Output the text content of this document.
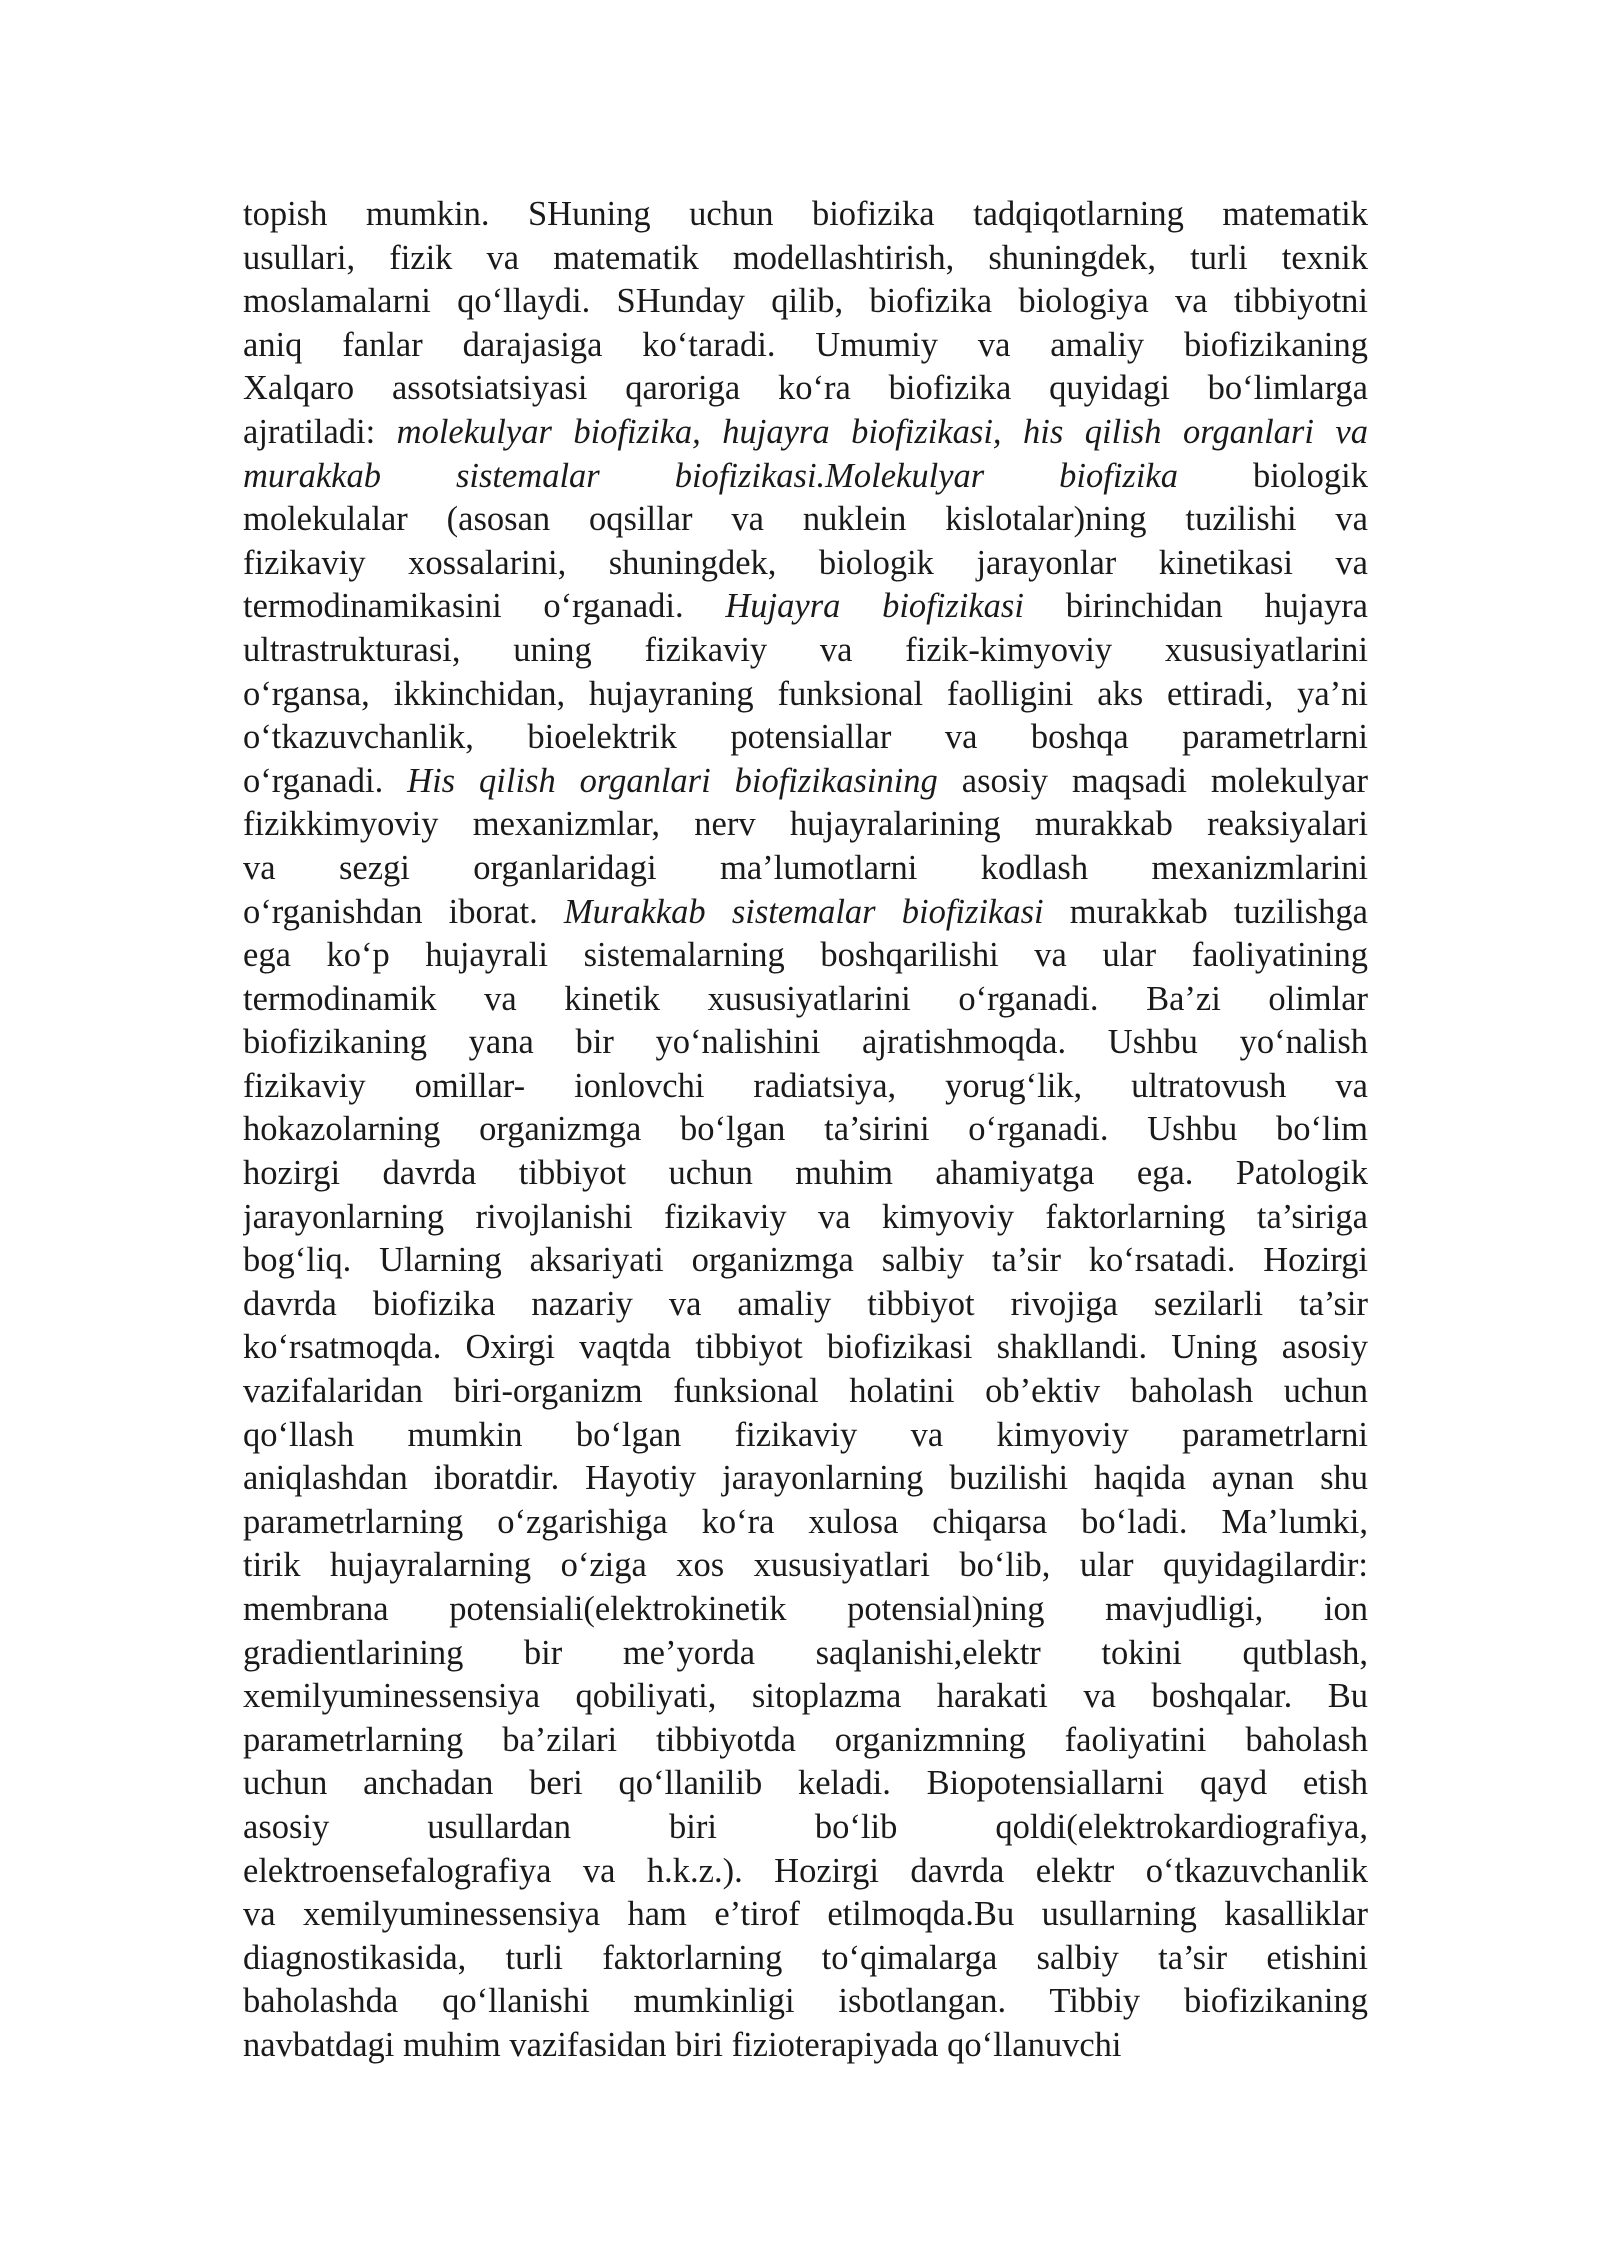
topish mumkin. SHuning uchun biofizika tadqiqotlarning matematik
usullari, fizik va matematik modellashtirish, shuningdek, turli texnik
moslamalarni qo‘llaydi. SHunday qilib, biofizika biologiya va tibbiyotni
aniq fanlar darajasiga ko‘taradi. Umumiy va amaliy biofizikaning
Xalqaro assotsiatsiyasi qaroriga ko‘ra biofizika quyidagi bo‘limlarga
ajratiladi: molekulyar biofizika, hujayra biofizikasi, his qilish organlari va
murakkab sistemalar biofizikasi.Molekulyar biofizika biologik
molekulalar (asosan oqsillar va nuklein kislotalar)ning tuzilishi va
fizikaviy xossalarini, shuningdek, biologik jarayonlar kinetikasi va
termodinamikasini o‘rganadi. Hujayra biofizikasi birinchidan hujayra
ultrastrukturasi, uning fizikaviy va fizik-kimyoviy xususiyatlarini
o‘rgansa, ikkinchidan, hujayraning funksional faolligini aks ettiradi, ya’ni
o‘tkazuvchanlik, bioelektrik potensiallar va boshqa parametrlarni
o‘rganadi. His qilish organlari biofizikasining asosiy maqsadi molekulyar
fizikkimyoviy mexanizmlar, nerv hujayralarining murakkab reaksiyalari
va sezgi organlaridagi ma’lumotlarni kodlash mexanizmlarini
o‘rganishdan iborat. Murakkab sistemalar biofizikasi murakkab tuzilishga
ega ko‘p hujayrali sistemalarning boshqarilishi va ular faoliyatining
termodinamik va kinetik xususiyatlarini o‘rganadi. Ba’zi olimlar
biofizikaning yana bir yo‘nalishini ajratishmoqda. Ushbu yo‘nalish
fizikaviy omillar- ionlovchi radiatsiya, yorug‘lik, ultratovush va
hokazolarning organizmga bo‘lgan ta’sirini o‘rganadi. Ushbu bo‘lim
hozirgi davrda tibbiyot uchun muhim ahamiyatga ega. Patologik
jarayonlarning rivojlanishi fizikaviy va kimyoviy faktorlarning ta’siriga
bog‘liq. Ularning aksariyati organizmga salbiy ta’sir ko‘rsatadi. Hozirgi
davrda biofizika nazariy va amaliy tibbiyot rivojiga sezilarli ta’sir
ko‘rsatmoqda. Oxirgi vaqtda tibbiyot biofizikasi shakllandi. Uning asosiy
vazifalaridan biri-organizm funksional holatini ob’ektiv baholash uchun
qo‘llash mumkin bo‘lgan fizikaviy va kimyoviy parametrlarni
aniqlashdan iboratdir. Hayotiy jarayonlarning buzilishi haqida aynan shu
parametrlarning o‘zgarishiga ko‘ra xulosa chiqarsa bo‘ladi. Ma’lumki,
tirik hujayralarning o‘ziga xos xususiyatlari bo‘lib, ular quyidagilardir:
membrana potensiali(elektrokinetik potensial)ning mavjudligi, ion
gradientlarining bir me’yorda saqlanishi,elektr tokini qutblash,
xemilyuminessensiya qobiliyati, sitoplazma harakati va boshqalar. Bu
parametrlarning ba’zilari tibbiyotda organizmning faoliyatini baholash
uchun anchadan beri qo‘llanilib keladi. Biopotensiallarni qayd etish
asosiy usullardan biri bo‘lib qoldi(elektrokardiografiya,
elektroensefalografiya va h.k.z.). Hozirgi davrda elektr o‘tkazuvchanlik
va xemilyuminessensiya ham e’tirof etilmoqda.Bu usullarning kasalliklar
diagnostikasida, turli faktorlarning to‘qimalarga salbiy ta’sir etishini
baholashda qo‘llanishi mumkinligi isbotlangan. Tibbiy biofizikaning
navbatdagi muhim vazifasidan biri fizioterapiyada qo‘llanuvchi
